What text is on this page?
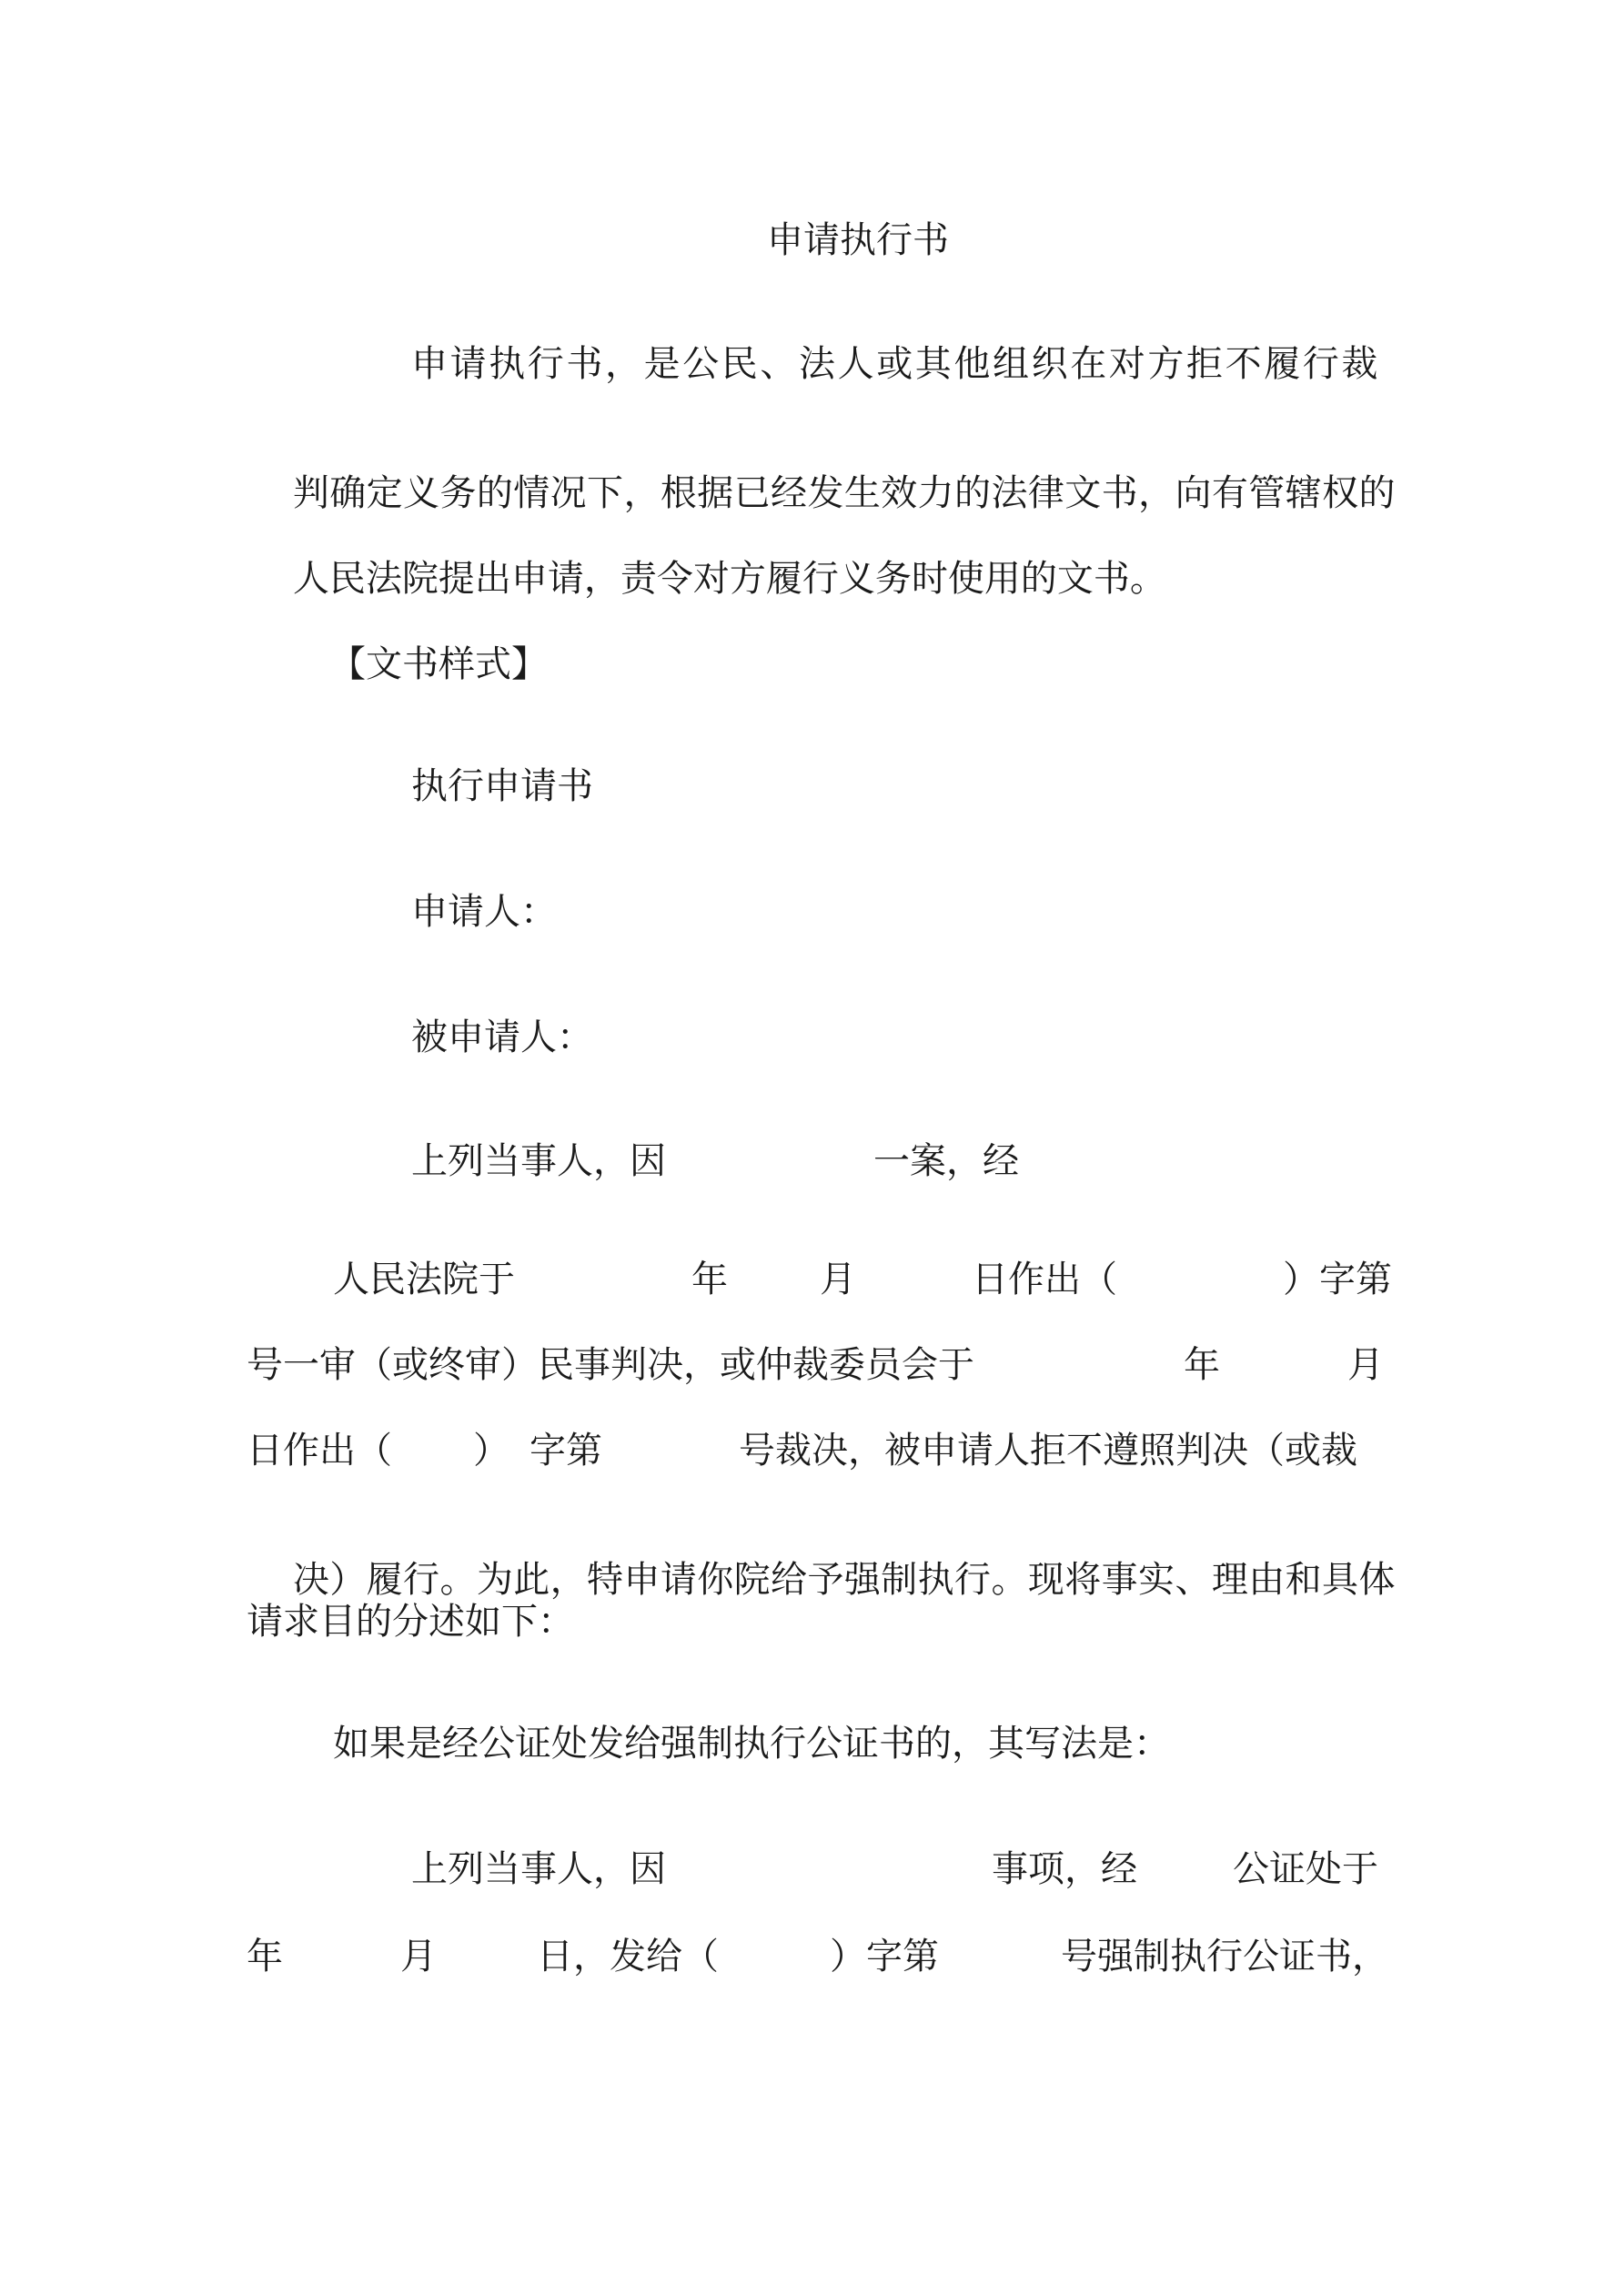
申请执行书
申请执行书，是公民、法人或其他组织在对方拒不履行裁

判确定义务的情况下，根据已经发生效力的法律文书，向有管辖权的

人民法院提出申请，责令对方履行义务时使用的文书。

【文书样式】
执行申请书
申请人：
被申请人：
上列当事人，因	一案，经
人民法院于	年	月	日作出（	）字第
号一审（或终审）民事判决，或仲裁委员会于	年	月
日作出（ ） 字第	号裁决，被申请人拒不遵照判决（或裁

决）履行。为此，特申请你院给予强制执行。现将事实、理由和具体

请求目的分述如下：
如果是经公证处发给强制执行公证书的，其写法是：
上列当事人，因	事项，经	公证处于
年	月	日，发给（	）字第	号强制执行公证书，
